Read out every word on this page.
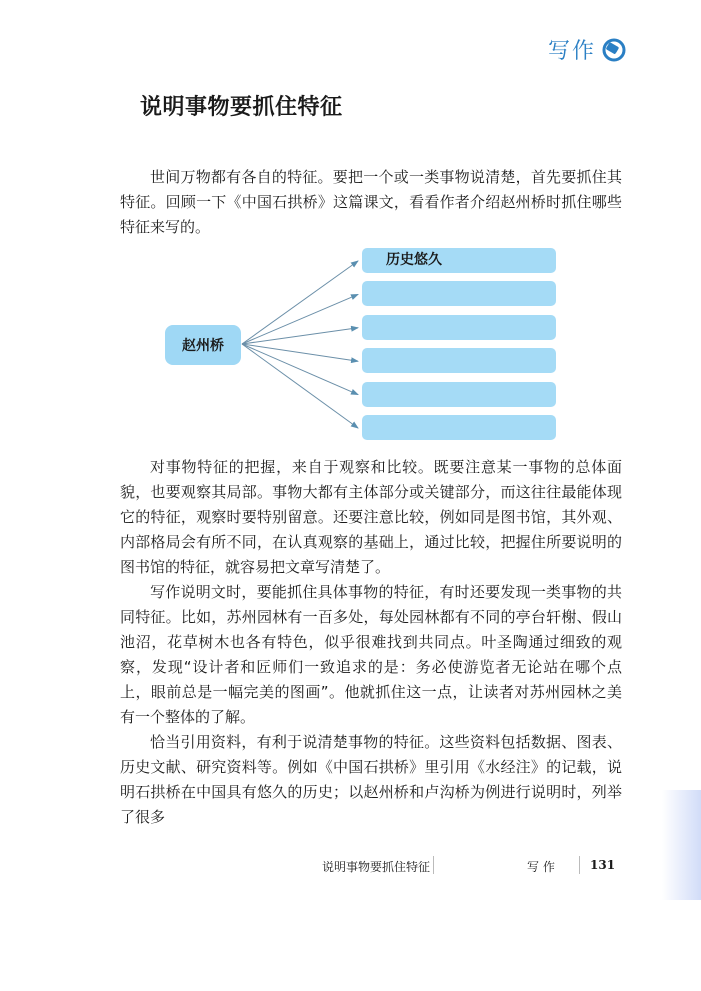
写作
说明事物要抓住特征

世间万物都有各自的特征。要把一个或一类事物说清楚，首先要抓住其特征。回顾一下《中国石拱桥》这篇课文，看看作者介绍赵州桥时抓住哪些特征来写的。

赵州桥
历史悠久

对事物特征的把握，来自于观察和比较。既要注意某一事物的总体面貌，也要观察其局部。事物大都有主体部分或关键部分，而这往往最能体现它的特征，观察时要特别留意。还要注意比较，例如同是图书馆，其外观、内部格局会有所不同，在认真观察的基础上，通过比较，把握住所要说明的图书馆的特征，就容易把文章写清楚了。

写作说明文时，要能抓住具体事物的特征，有时还要发现一类事物的共同特征。比如，苏州园林有一百多处，每处园林都有不同的亭台轩榭、假山池沼，花草树木也各有特色，似乎很难找到共同点。叶圣陶通过细致的观察，发现“设计者和匠师们一致追求的是：务必使游览者无论站在哪个点上，眼前总是一幅完美的图画”。他就抓住这一点，让读者对苏州园林之美有一个整体的了解。

恰当引用资料，有利于说清楚事物的特征。这些资料包括数据、图表、历史文献、研究资料等。例如《中国石拱桥》里引用《水经注》的记载，说明石拱桥在中国具有悠久的历史；以赵州桥和卢沟桥为例进行说明时，列举了很多

说明事物要抓住特征	写 作	131
